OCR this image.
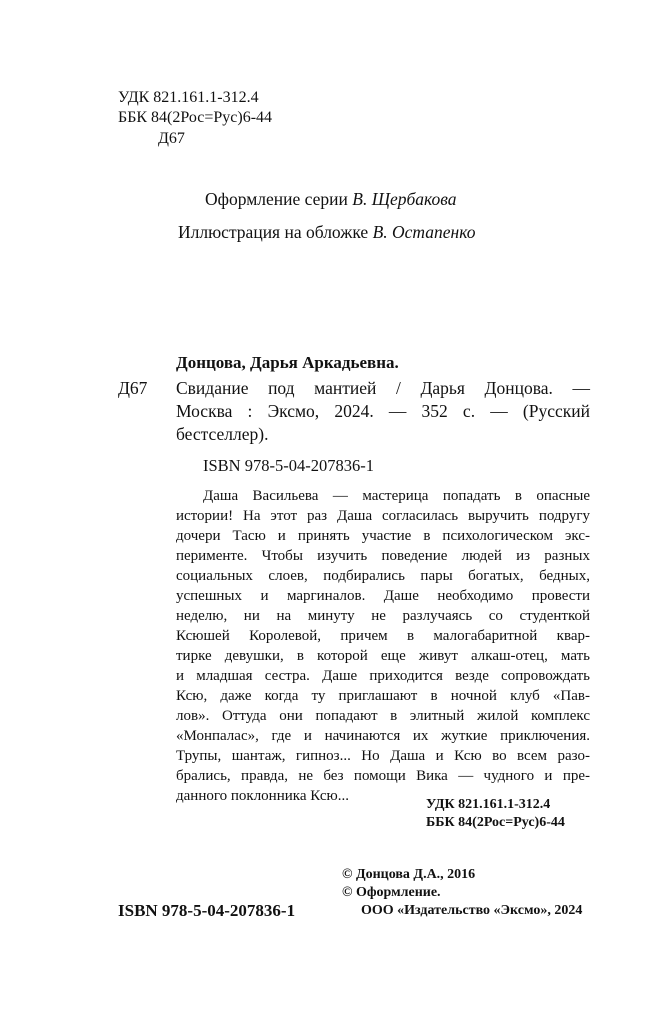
УДК 821.161.1-312.4
ББК 84(2Рос=Рус)6-44
Д67
Оформление серии В. Щербакова
Иллюстрация на обложке В. Остапенко
Донцова, Дарья Аркадьевна.
Д67 Свидание под мантией / Дарья Донцова. —
Москва : Эксмо, 2024. — 352 с. — (Русский
бестселлер).
ISBN 978-5-04-207836-1
Даша Васильева — мастерица попадать в опасные
истории! На этот раз Даша согласилась выручить подругу
дочери Тасю и принять участие в психологическом экс-
перименте. Чтобы изучить поведение людей из разных
социальных слоев, подбирались пары богатых, бедных,
успешных и маргиналов. Даше необходимо провести
неделю, ни на минуту не разлучаясь со студенткой
Ксюшей Королевой, причем в малогабаритной квар-
тирке девушки, в которой еще живут алкаш-отец, мать
и младшая сестра. Даше приходится везде сопровождать
Ксю, даже когда ту приглашают в ночной клуб «Пав-
лов». Оттуда они попадают в элитный жилой комплекс
«Монпалас», где и начинаются их жуткие приключения.
Трупы, шантаж, гипноз... Но Даша и Ксю во всем разо-
брались, правда, не без помощи Вика — чудного и пре-
данного поклонника Ксю...
УДК 821.161.1-312.4
ББК 84(2Рос=Рус)6-44
© Донцова Д.А., 2016
© Оформление.
ООО «Издательство «Эксмо», 2024
ISBN 978-5-04-207836-1
